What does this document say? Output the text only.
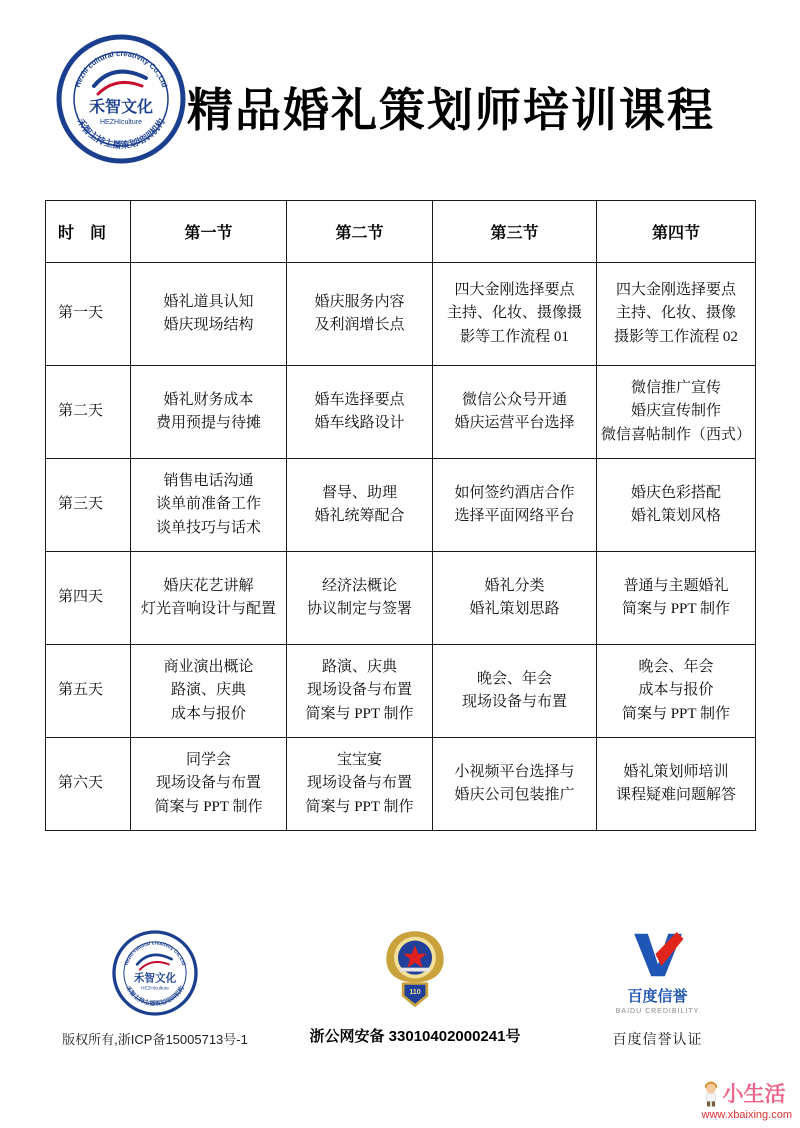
Hezhi cultural creativity Co.,Ltd
禾智主持主播策划培训机构
禾智文化
HEZHIculture 精品婚礼策划师培训课程
时　间	第一节	第二节	第三节	第四节
第一天	
婚礼道具认知
婚庆现场结构

婚庆服务内容
及利润增长点

四大金刚选择要点
主持、化妆、摄像摄
影等工作流程 01

四大金刚选择要点
主持、化妆、摄像
摄影等工作流程 02

第二天	
婚礼财务成本
费用预提与待摊

婚车选择要点
婚车线路设计

微信公众号开通
婚庆运营平台选择

微信推广宣传
婚庆宣传制作
微信喜帖制作（西式）

第三天	
销售电话沟通
谈单前准备工作
谈单技巧与话术

督导、助理
婚礼统筹配合

如何签约酒店合作
选择平面网络平台

婚庆色彩搭配
婚礼策划风格

第四天	
婚庆花艺讲解
灯光音响设计与配置

经济法概论
协议制定与签署

婚礼分类
婚礼策划思路

普通与主题婚礼
简案与 PPT 制作

第五天	
商业演出概论
路演、庆典
成本与报价

路演、庆典
现场设备与布置
简案与 PPT 制作

晚会、年会
现场设备与布置

晚会、年会
成本与报价
简案与 PPT 制作

第六天	
同学会
现场设备与布置
简案与 PPT 制作

宝宝宴
现场设备与布置
简案与 PPT 制作

小视频平台选择与
婚庆公司包装推广

婚礼策划师培训
课程疑难问题解答
Hezhi cultural creativity Co.,Ltd
禾智主持主播策划培训机构
禾智文化
HEZHIculture
版权所有,浙ICP备15005713号-1
110
浙公网安备 33010402000241号
百度信誉
BAIDU CREDIBILITY
百度信誉认证
小生活
www.xbaixing.com
